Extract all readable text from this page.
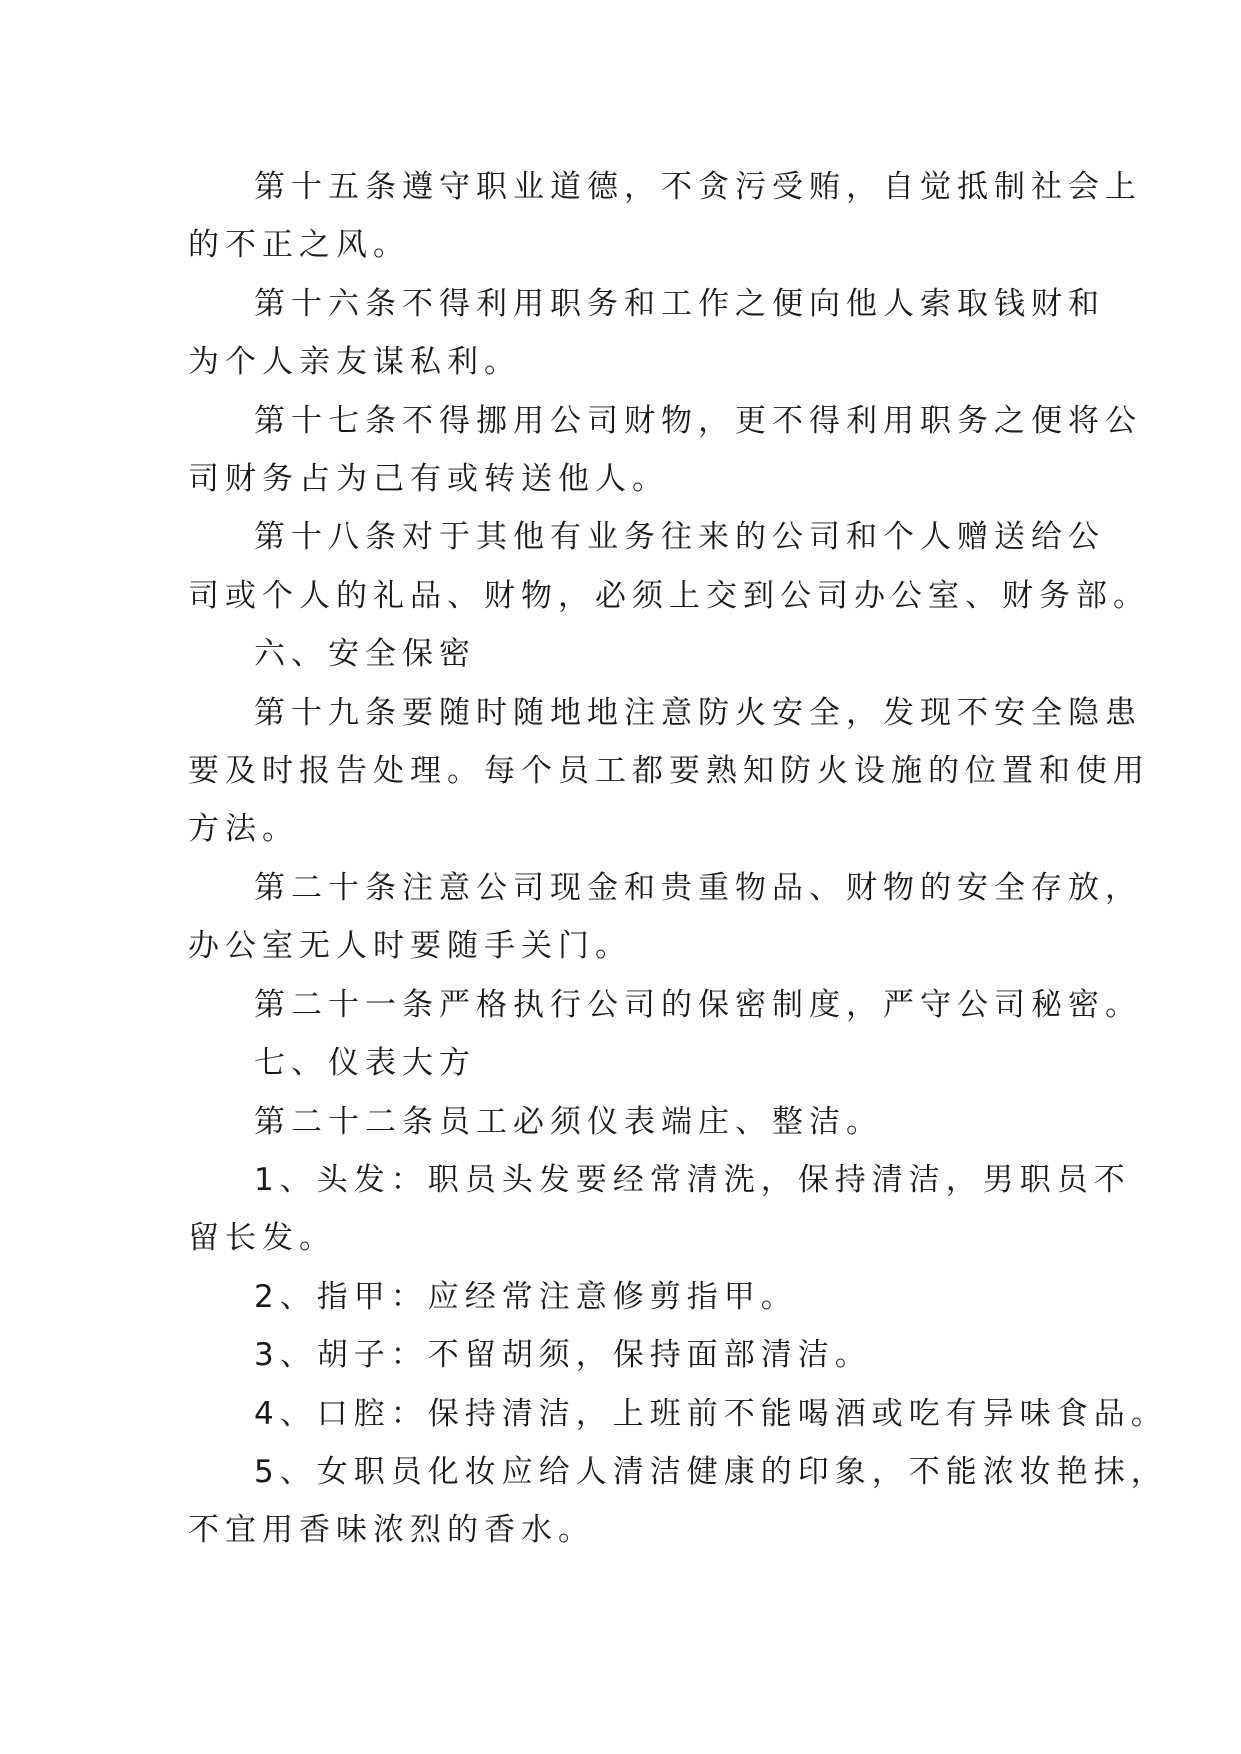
第十五条遵守职业道德，不贪污受贿，自觉抵制社会上
的不正之风。

第十六条不得利用职务和工作之便向他人索取钱财和
为个人亲友谋私利。

第十七条不得挪用公司财物，更不得利用职务之便将公
司财务占为己有或转送他人。

第十八条对于其他有业务往来的公司和个人赠送给公
司或个人的礼品、财物，必须上交到公司办公室、财务部。

六、安全保密

第十九条要随时随地地注意防火安全，发现不安全隐患
要及时报告处理。每个员工都要熟知防火设施的位置和使用
方法。

第二十条注意公司现金和贵重物品、财物的安全存放，
办公室无人时要随手关门。

第二十一条严格执行公司的保密制度，严守公司秘密。

七、仪表大方

第二十二条员工必须仪表端庄、整洁。

1、头发：职员头发要经常清洗，保持清洁，男职员不
留长发。

2、指甲：应经常注意修剪指甲。

3、胡子：不留胡须，保持面部清洁。

4、口腔：保持清洁，上班前不能喝酒或吃有异味食品。

5、女职员化妆应给人清洁健康的印象，不能浓妆艳抹，
不宜用香味浓烈的香水。
